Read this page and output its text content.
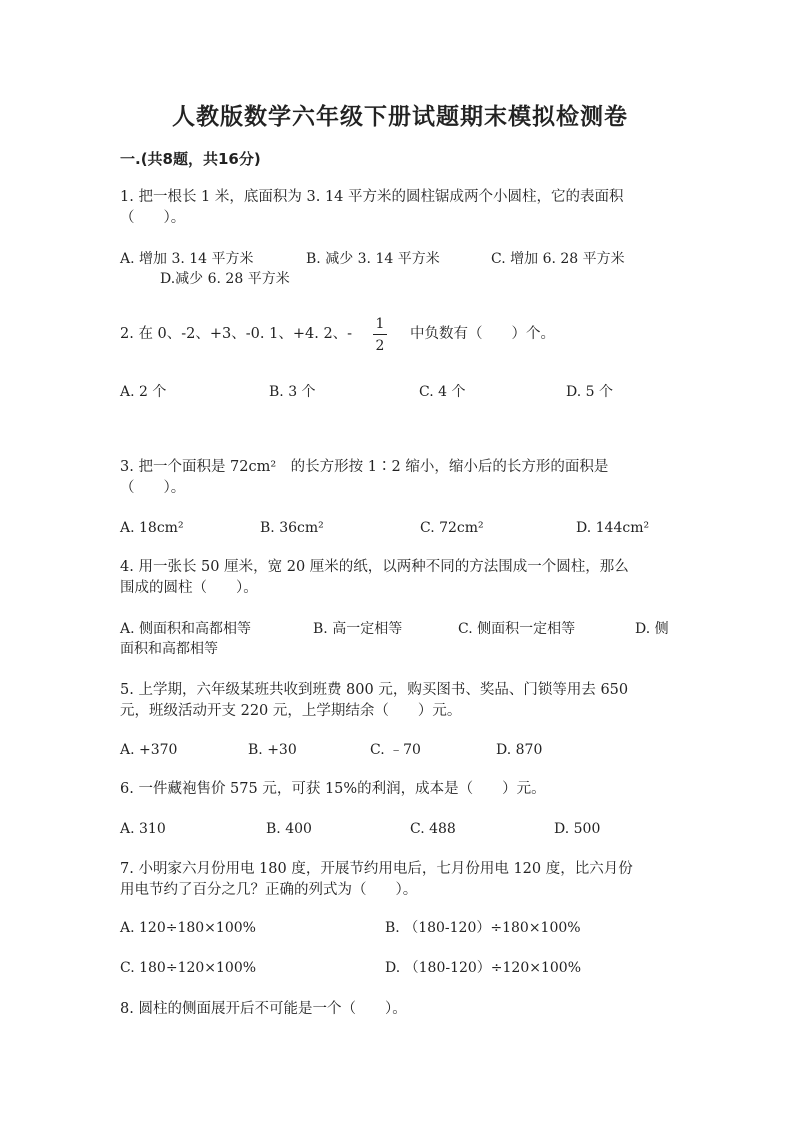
人教版数学六年级下册试题期末模拟检测卷
一.(共8题，共16分)
1. 把一根长 1 米，底面积为 3. 14 平方米的圆柱锯成两个小圆柱，它的表面积
（　　）。
A. 增加 3. 14 平方米	B. 减少 3. 14 平方米	C. 增加 6. 28 平方米
D.减少 6. 28 平方米
2. 在 0、-2、+3、-0. 1、+4. 2、-
1
2
中负数有（　　）个。
A. 2 个	B. 3 个	C. 4 个	D. 5 个
3. 把一个面积是 72cm²　的长方形按 1∶2 缩小，缩小后的长方形的面积是
（　　）。
A. 18cm²	B. 36cm²	C. 72cm²	D. 144cm²
4. 用一张长 50 厘米，宽 20 厘米的纸，以两种不同的方法围成一个圆柱，那么
围成的圆柱（　　）。
A. 侧面积和高都相等	B. 高一定相等	C. 侧面积一定相等	D. 侧
面积和高都相等
5. 上学期，六年级某班共收到班费 800 元，购买图书、奖品、门锁等用去 650
元，班级活动开支 220 元，上学期结余（　　）元。
A. +370	B. +30	C. ﹣70	D. 870
6. 一件藏袍售价 575 元，可获 15%的利润，成本是（　　）元。
A. 310	B. 400	C. 488	D. 500
7. 小明家六月份用电 180 度，开展节约用电后，七月份用电 120 度，比六月份
用电节约了百分之几？正确的列式为（　　）。
A. 120÷180×100%	B. （180-120）÷180×100%
C. 180÷120×100%	D. （180-120）÷120×100%
8. 圆柱的侧面展开后不可能是一个（　　）。
